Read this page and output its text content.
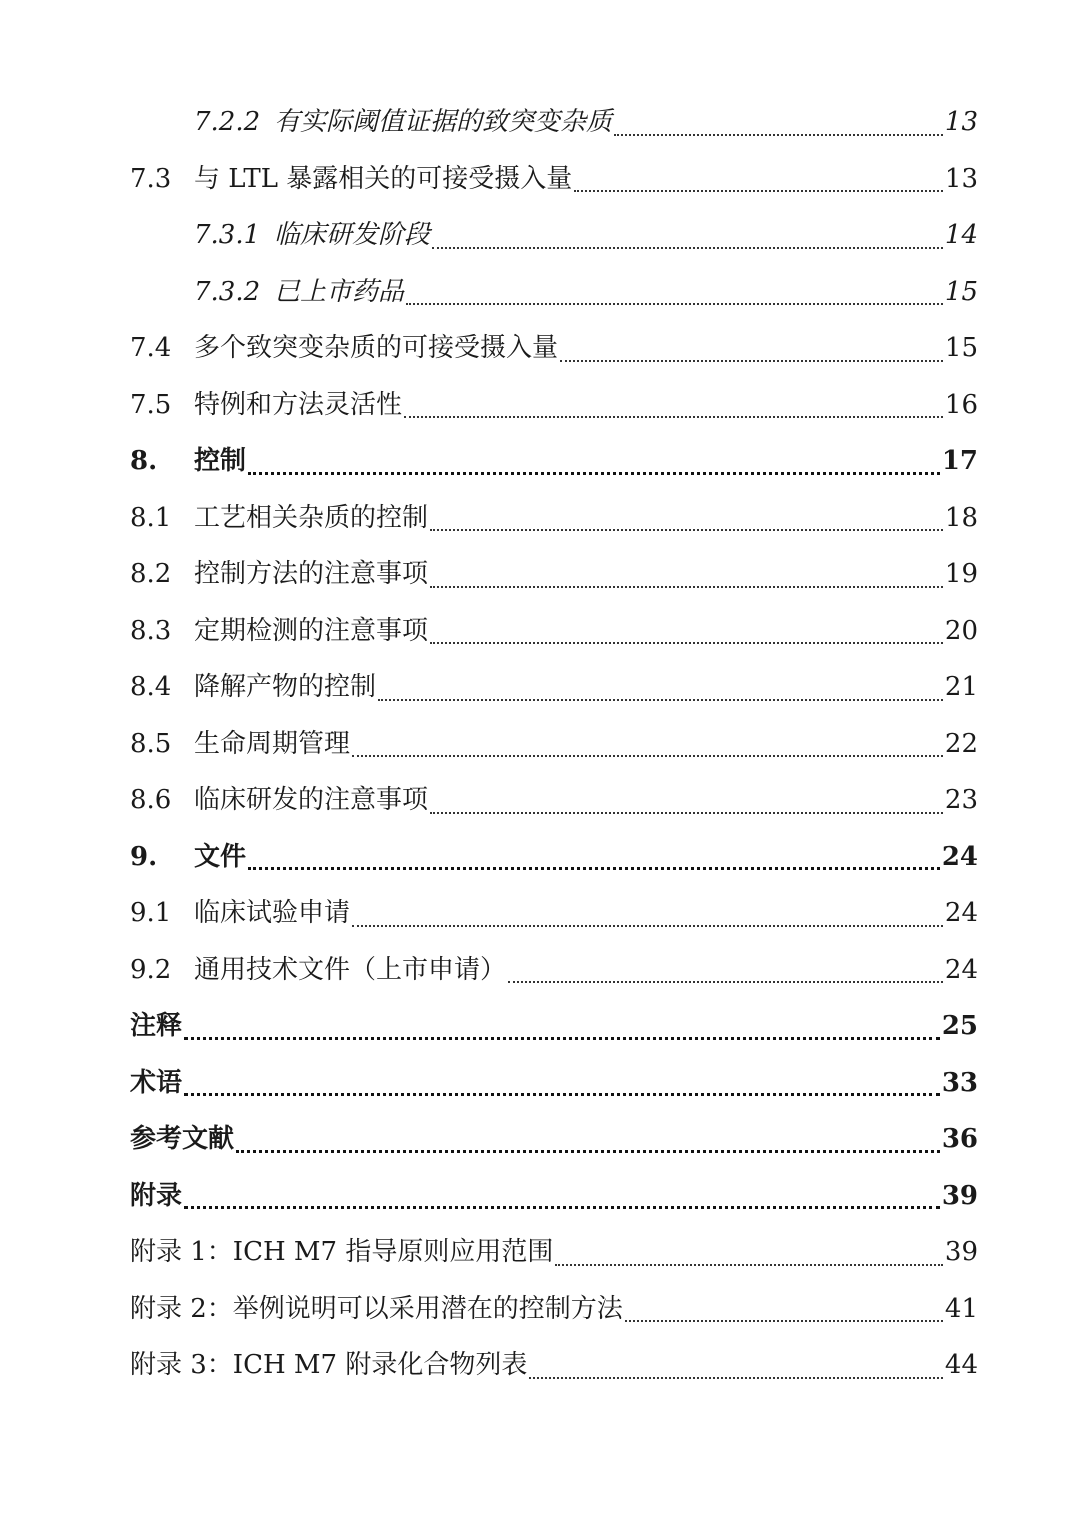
7.2.2 有实际阈值证据的致突变杂质	13
7.3 与 LTL 暴露相关的可接受摄入量	13
7.3.1 临床研发阶段	14
7.3.2 已上市药品	15
7.4 多个致突变杂质的可接受摄入量	15
7.5 特例和方法灵活性	16
8.	控制	17
8.1 工艺相关杂质的控制	18
8.2 控制方法的注意事项	19
8.3 定期检测的注意事项	20
8.4 降解产物的控制	21
8.5 生命周期管理	22
8.6 临床研发的注意事项	23
9.	文件	24
9.1 临床试验申请	24
9.2 通用技术文件（上市申请）	24
注释	25
术语	33
参考文献	36
附录	39
附录 1：ICH M7 指导原则应用范围	39
附录 2：举例说明可以采用潜在的控制方法	41
附录 3：ICH M7 附录化合物列表	44
